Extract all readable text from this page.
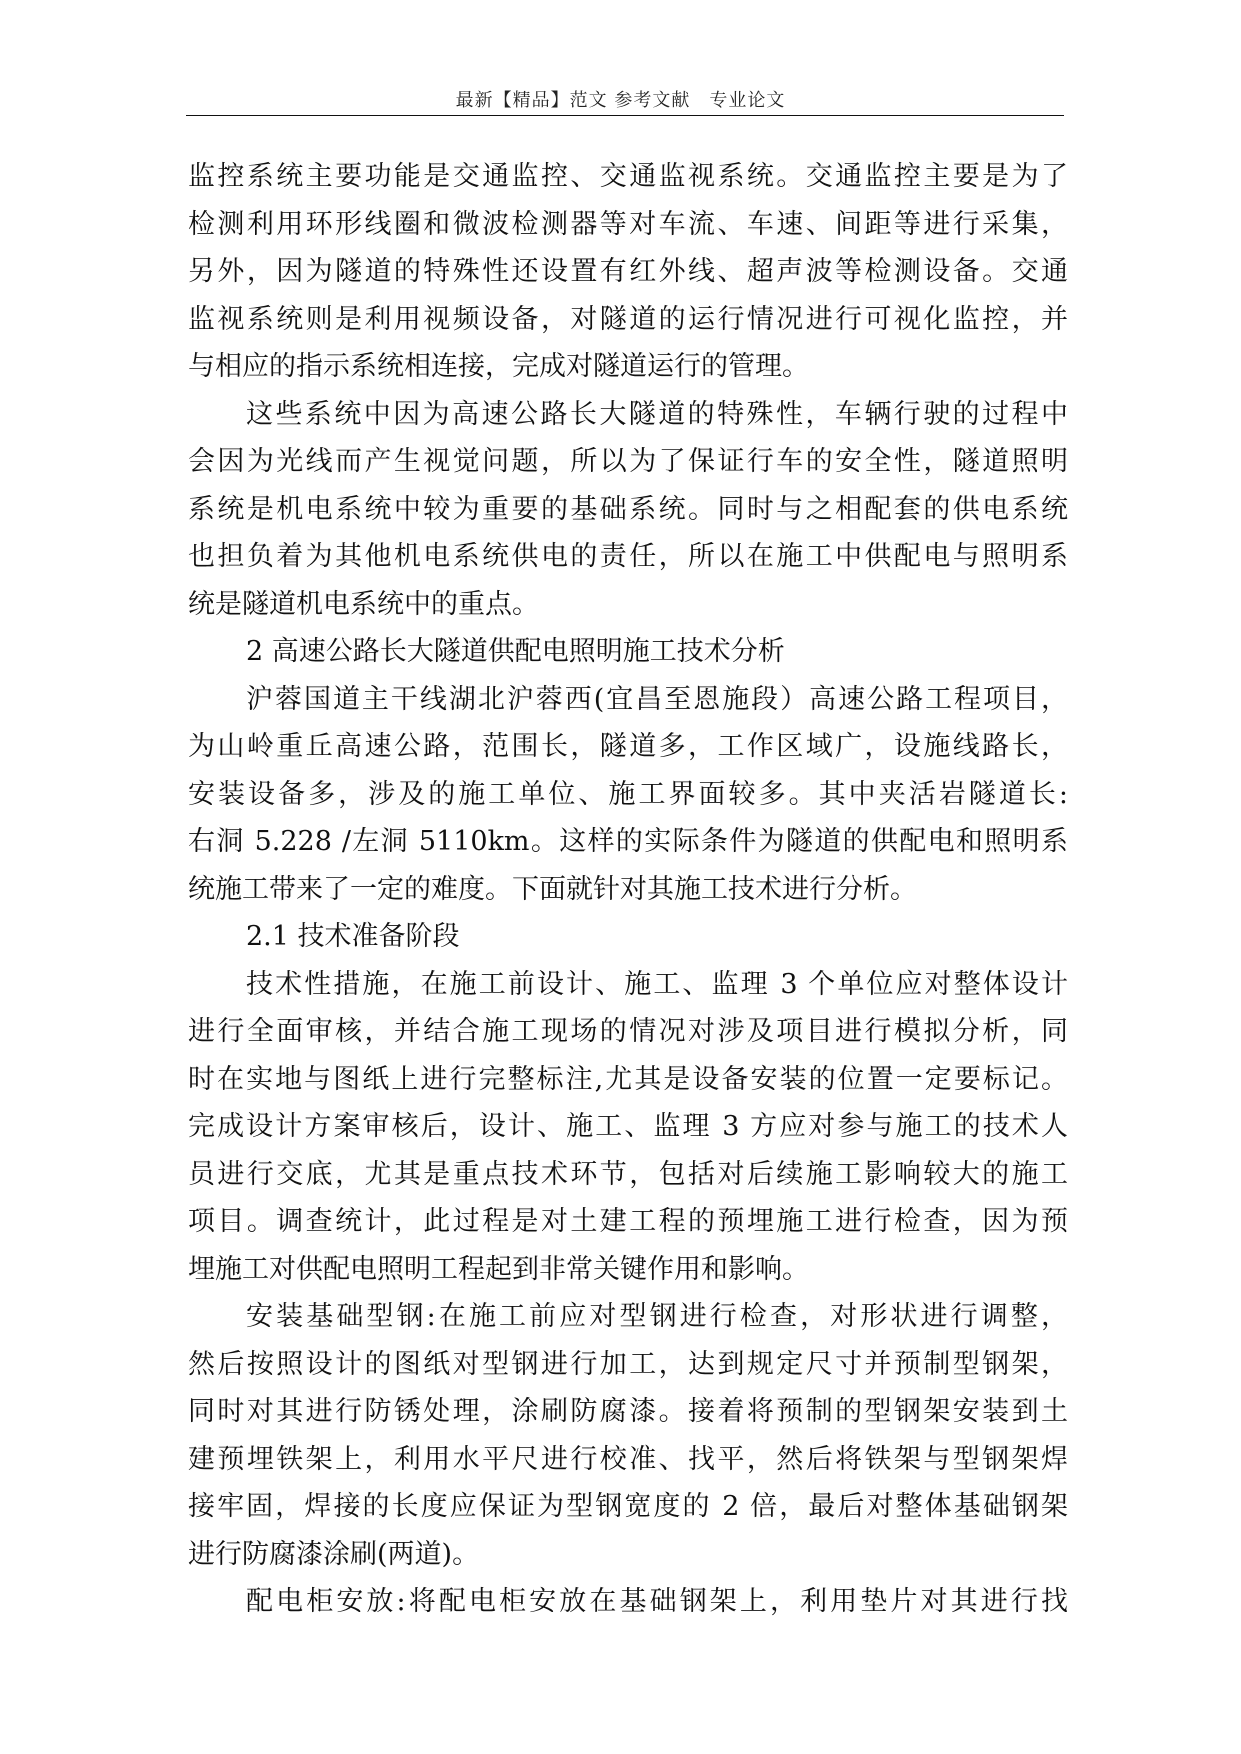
最新【精品】范文 参考文献　专业论文
监控系统主要功能是交通监控、交通监视系统。交通监控主要是为了
检测利用环形线圈和微波检测器等对车流、车速、间距等进行采集，
另外，因为隧道的特殊性还设置有红外线、超声波等检测设备。交通
监视系统则是利用视频设备，对隧道的运行情况进行可视化监控，并
与相应的指示系统相连接，完成对隧道运行的管理。
这些系统中因为高速公路长大隧道的特殊性，车辆行驶的过程中
会因为光线而产生视觉问题，所以为了保证行车的安全性，隧道照明
系统是机电系统中较为重要的基础系统。同时与之相配套的供电系统
也担负着为其他机电系统供电的责任，所以在施工中供配电与照明系
统是隧道机电系统中的重点。
2 高速公路长大隧道供配电照明施工技术分析
沪蓉国道主干线湖北沪蓉西(宜昌至恩施段）高速公路工程项目，
为山岭重丘高速公路，范围长，隧道多，工作区域广，设施线路长，
安装设备多，涉及的施工单位、施工界面较多。其中夹活岩隧道长:
右洞 5.228 /左洞 5110km。这样的实际条件为隧道的供配电和照明系
统施工带来了一定的难度。下面就针对其施工技术进行分析。
2.1 技术准备阶段
技术性措施，在施工前设计、施工、监理 3 个单位应对整体设计
进行全面审核，并结合施工现场的情况对涉及项目进行模拟分析，同
时在实地与图纸上进行完整标注,尤其是设备安装的位置一定要标记。
完成设计方案审核后，设计、施工、监理 3 方应对参与施工的技术人
员进行交底，尤其是重点技术环节，包括对后续施工影响较大的施工
项目。调查统计，此过程是对土建工程的预埋施工进行检查，因为预
埋施工对供配电照明工程起到非常关键作用和影响。
安装基础型钢:在施工前应对型钢进行检查，对形状进行调整，
然后按照设计的图纸对型钢进行加工，达到规定尺寸并预制型钢架，
同时对其进行防锈处理，涂刷防腐漆。接着将预制的型钢架安装到土
建预埋铁架上，利用水平尺进行校准、找平，然后将铁架与型钢架焊
接牢固，焊接的长度应保证为型钢宽度的 2 倍，最后对整体基础钢架
进行防腐漆涂刷(两道)。
配电柜安放:将配电柜安放在基础钢架上，利用垫片对其进行找
